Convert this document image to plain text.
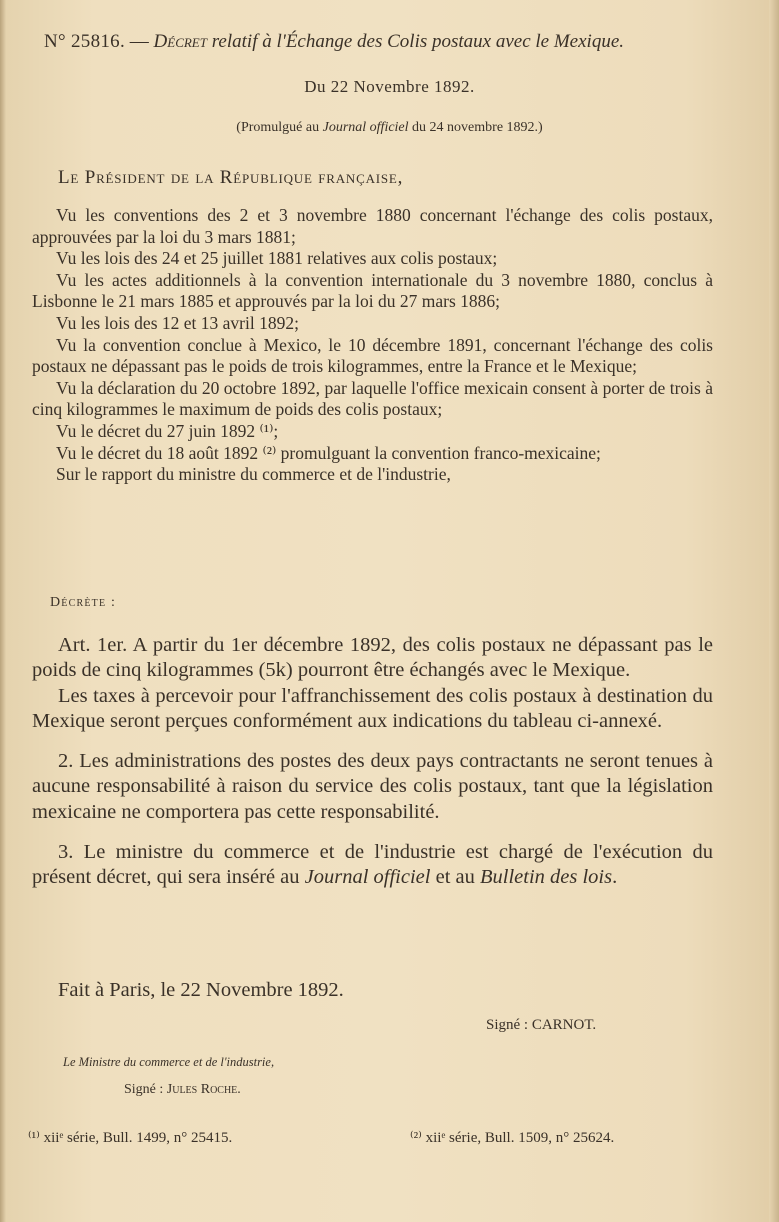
N° 25816. — Décret relatif à l'Échange des Colis postaux avec le Mexique.
Du 22 Novembre 1892.
(Promulgué au Journal officiel du 24 novembre 1892.)
Le Président de la République française,

Vu les conventions des 2 et 3 novembre 1880 concernant l'échange des colis postaux, approuvées par la loi du 3 mars 1881;

Vu les lois des 24 et 25 juillet 1881 relatives aux colis postaux;

Vu les actes additionnels à la convention internationale du 3 novembre 1880, conclus à Lisbonne le 21 mars 1885 et approuvés par la loi du 27 mars 1886;

Vu les lois des 12 et 13 avril 1892;

Vu la convention conclue à Mexico, le 10 décembre 1891, concernant l'échange des colis postaux ne dépassant pas le poids de trois kilogrammes, entre la France et le Mexique;

Vu la déclaration du 20 octobre 1892, par laquelle l'office mexicain consent à porter de trois à cinq kilogrammes le maximum de poids des colis postaux;

Vu le décret du 27 juin 1892 ⁽¹⁾;

Vu le décret du 18 août 1892 ⁽²⁾ promulguant la convention franco-mexicaine;

Sur le rapport du ministre du commerce et de l'industrie,

Décrète :

Art. 1er. A partir du 1er décembre 1892, des colis postaux ne dépassant pas le poids de cinq kilogrammes (5k) pourront être échangés avec le Mexique.

Les taxes à percevoir pour l'affranchissement des colis postaux à destination du Mexique seront perçues conformément aux indications du tableau ci-annexé.

2. Les administrations des postes des deux pays contractants ne seront tenues à aucune responsabilité à raison du service des colis postaux, tant que la législation mexicaine ne comportera pas cette responsabilité.

3. Le ministre du commerce et de l'industrie est chargé de l'exécution du présent décret, qui sera inséré au Journal officiel et au Bulletin des lois.

Fait à Paris, le 22 Novembre 1892.
Signé : CARNOT.
Le Ministre du commerce et de l'industrie,
Signé : Jules Roche.
⁽¹⁾ xiiᵉ série, Bull. 1499, n° 25415.	⁽²⁾ xiiᵉ série, Bull. 1509, n° 25624.
